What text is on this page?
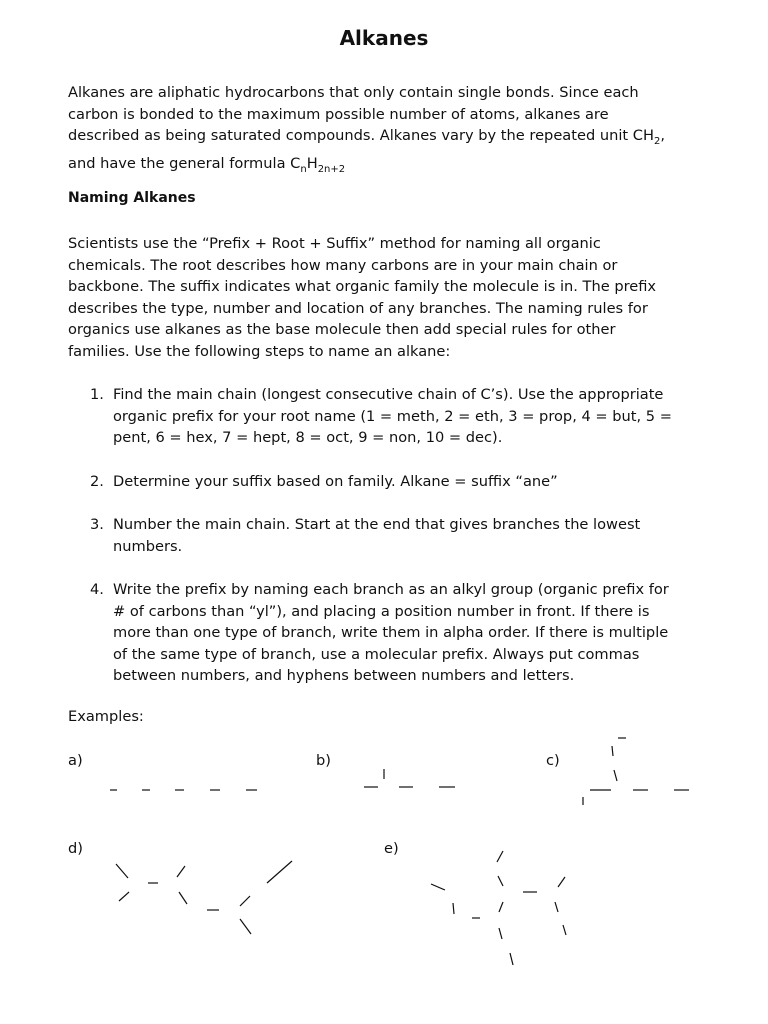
Alkanes

Alkanes are aliphatic hydrocarbons that only contain single bonds. Since each carbon is bonded to the maximum possible number of atoms, alkanes are described as being saturated compounds. Alkanes vary by the repeated unit $CH_2$, and have the general formula $C_nH_{2n+2}$

Naming Alkanes

Scientists use the “Prefix + Root + Suffix” method for naming all organic chemicals. The root describes how many carbons are in your main chain or backbone. The suffix indicates what organic family the molecule is in. The prefix describes the type, number and location of any branches. The naming rules for organics use alkanes as the base molecule then add special rules for other families. Use the following steps to name an alkane:

1. Find the main chain (longest consecutive chain of C’s). Use the appropriate organic prefix for your root name (1 = meth, 2 = eth, 3 = prop, 4 = but, 5 = pent, 6 = hex, 7 = hept, 8 = oct, 9 = non, 10 = dec).
2. Determine your suffix based on family. Alkane = suffix “ane”
3. Number the main chain. Start at the end that gives branches the lowest numbers.
4. Write the prefix by naming each branch as an alkyl group (organic prefix for # of carbons than “yl”), and placing a position number in front. If there is more than one type of branch, write them in alpha order. If there is multiple of the same type of branch, use a molecular prefix. Always put commas between numbers, and hyphens between numbers and letters.
Examples:
a)	b)	c)
d)	e)
